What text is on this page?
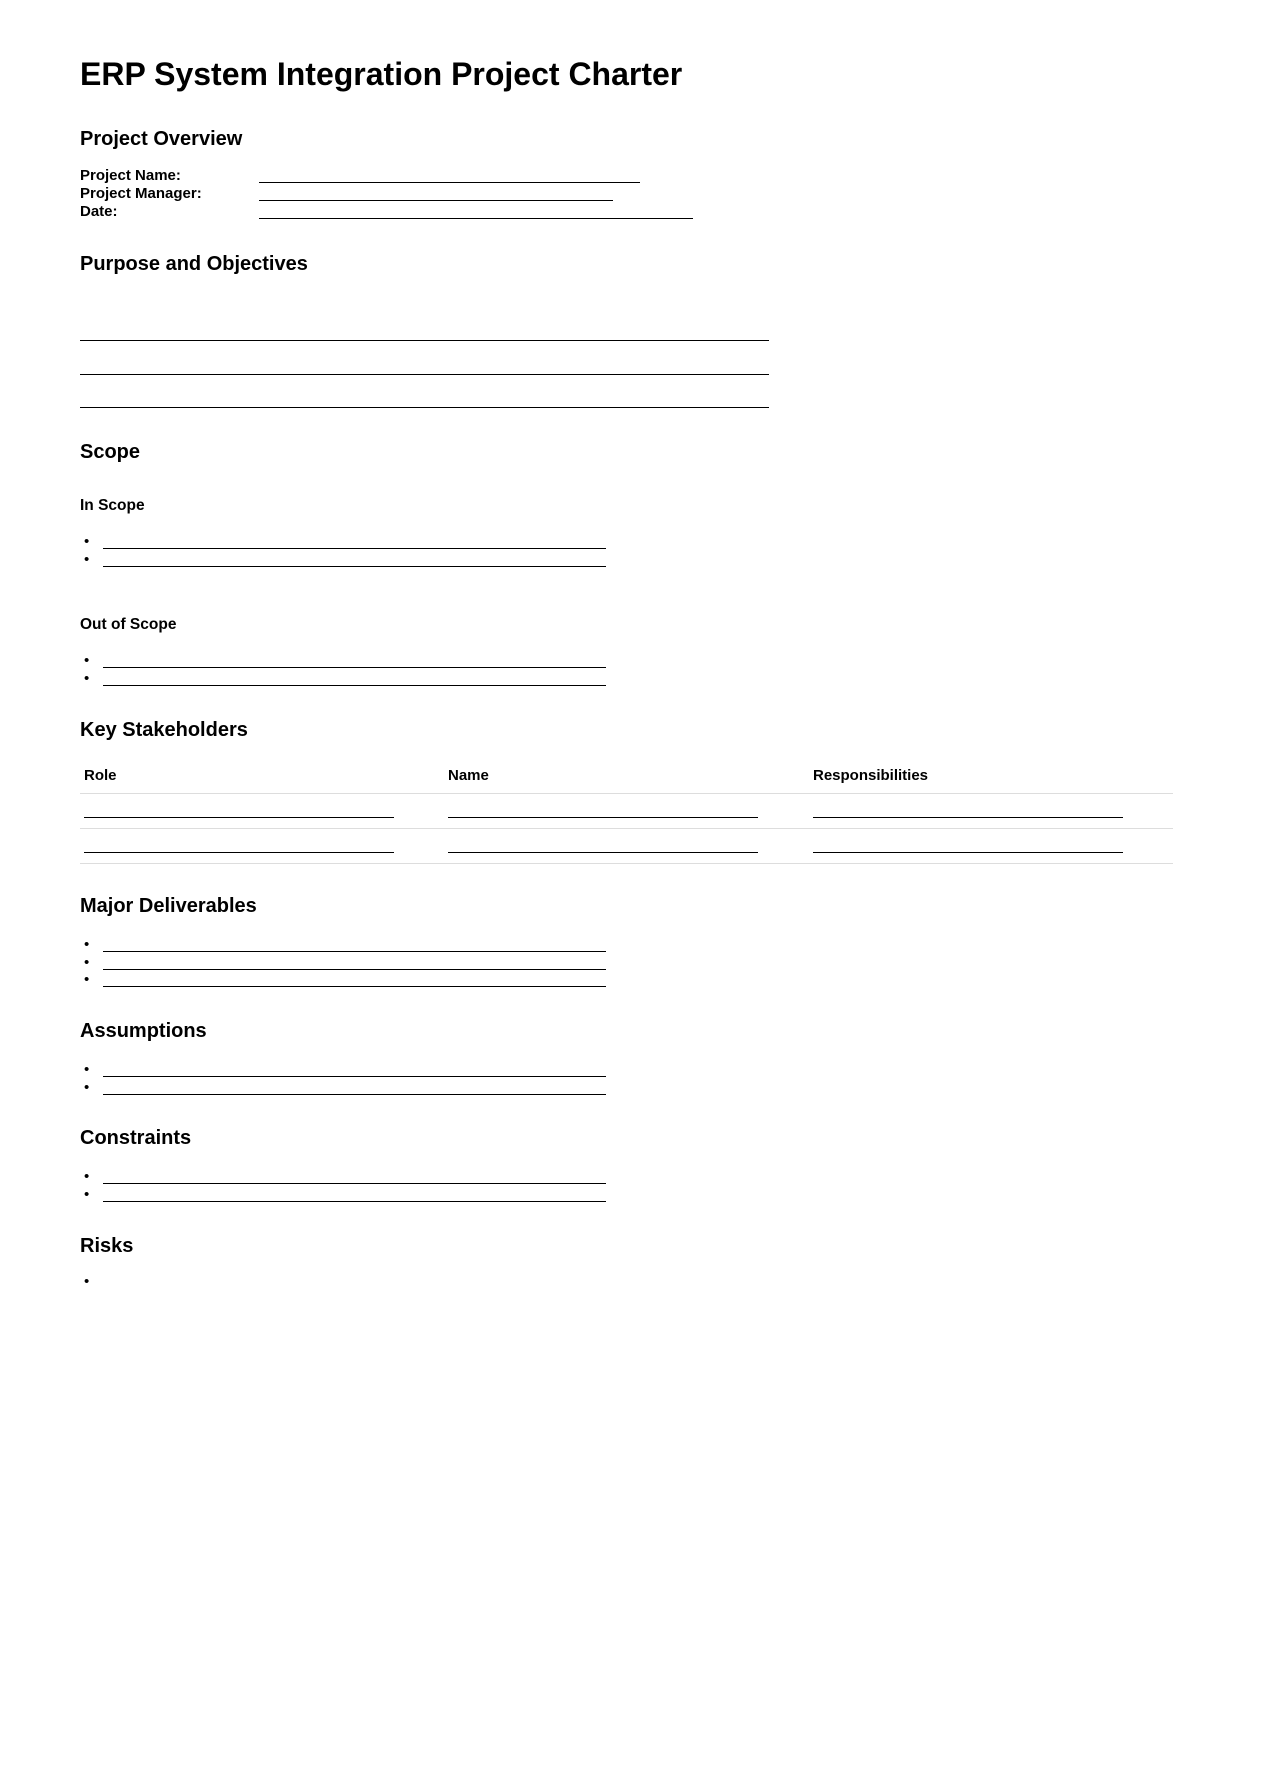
ERP System Integration Project Charter
Project Overview
Project Name:
Project Manager:
Date:
Purpose and Objectives
Scope
In Scope
•
•
Out of Scope
•
•
Key Stakeholders
Role	Name	Responsibilities
Major Deliverables
•
•
•
Assumptions
•
•
Constraints
•
•
Risks
•
